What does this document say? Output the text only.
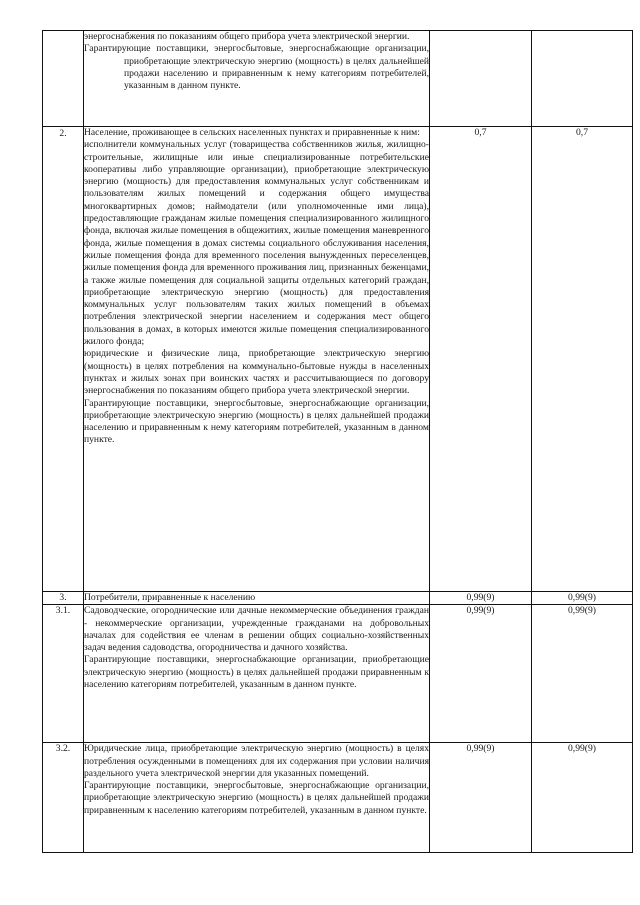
	энергоснабжения по показаниям общего прибора учета электрической энергии.

Гарантирующие поставщики, энергосбытовые, энергоснабжающие организации, приобретающие электрическую энергию (мощность) в целях дальнейшей продажи населению и приравненным к нему категориям потребителей, указанным в данном пункте.		

2.	Население, проживающее в сельских населенных пунктах и приравненные к ним:

исполнители коммунальных услуг (товарищества собственников жилья, жилищно-строительные, жилищные или иные специализированные потребительские кооперативы либо управляющие организации), приобретающие электрическую энергию (мощность) для предоставления коммунальных услуг собственникам и пользователям жилых помещений и содержания общего имущества многоквартирных домов; наймодатели (или уполномоченные ими лица), предоставляющие гражданам жилые помещения специализированного жилищного фонда, включая жилые помещения в общежитиях, жилые помещения маневренного фонда, жилые помещения в домах системы социального обслуживания населения, жилые помещения фонда для временного поселения вынужденных переселенцев, жилые помещения фонда для временного проживания лиц, признанных беженцами, а также жилые помещения для социальной защиты отдельных категорий граждан, приобретающие электрическую энергию (мощность) для предоставления коммунальных услуг пользователям таких жилых помещений в объемах потребления электрической энергии населением и содержания мест общего пользования в домах, в которых имеются жилые помещения специализированного жилого фонда;

юридические и физические лица, приобретающие электрическую энергию (мощность) в целях потребления на коммунально-бытовые нужды в населенных пунктах и жилых зонах при воинских частях и рассчитывающиеся по договору энергоснабжения по показаниям общего прибора учета электрической энергии.

Гарантирующие поставщики, энергосбытовые, энергоснабжающие организации, приобретающие электрическую энергию (мощность) в целях дальнейшей продажи населению и приравненным к нему категориям потребителей, указанным в данном пункте.	0,7	0,7
3.	Потребители, приравненные к населению	0,99(9)	0,99(9)
3.1.	Садоводческие, огороднические или дачные некоммерческие объединения граждан - некоммерческие организации, учрежденные гражданами на добровольных началах для содействия ее членам в решении общих социально-хозяйственных задач ведения садоводства, огородничества и дачного хозяйства.

Гарантирующие поставщики, энергоснабжающие организации, приобретающие электрическую энергию (мощность) в целях дальнейшей продажи приравненным к населению категориям потребителей, указанным в данном пункте.	0,99(9)	0,99(9)
3.2.	Юридические лица, приобретающие электрическую энергию (мощность) в целях потребления осужденными в помещениях для их содержания при условии наличия раздельного учета электрической энергии для указанных помещений.

Гарантирующие поставщики, энергосбытовые, энергоснабжающие организации, приобретающие электрическую энергию (мощность) в целях дальнейшей продажи приравненным к населению категориям потребителей, указанным в данном пункте.	0,99(9)	0,99(9)
